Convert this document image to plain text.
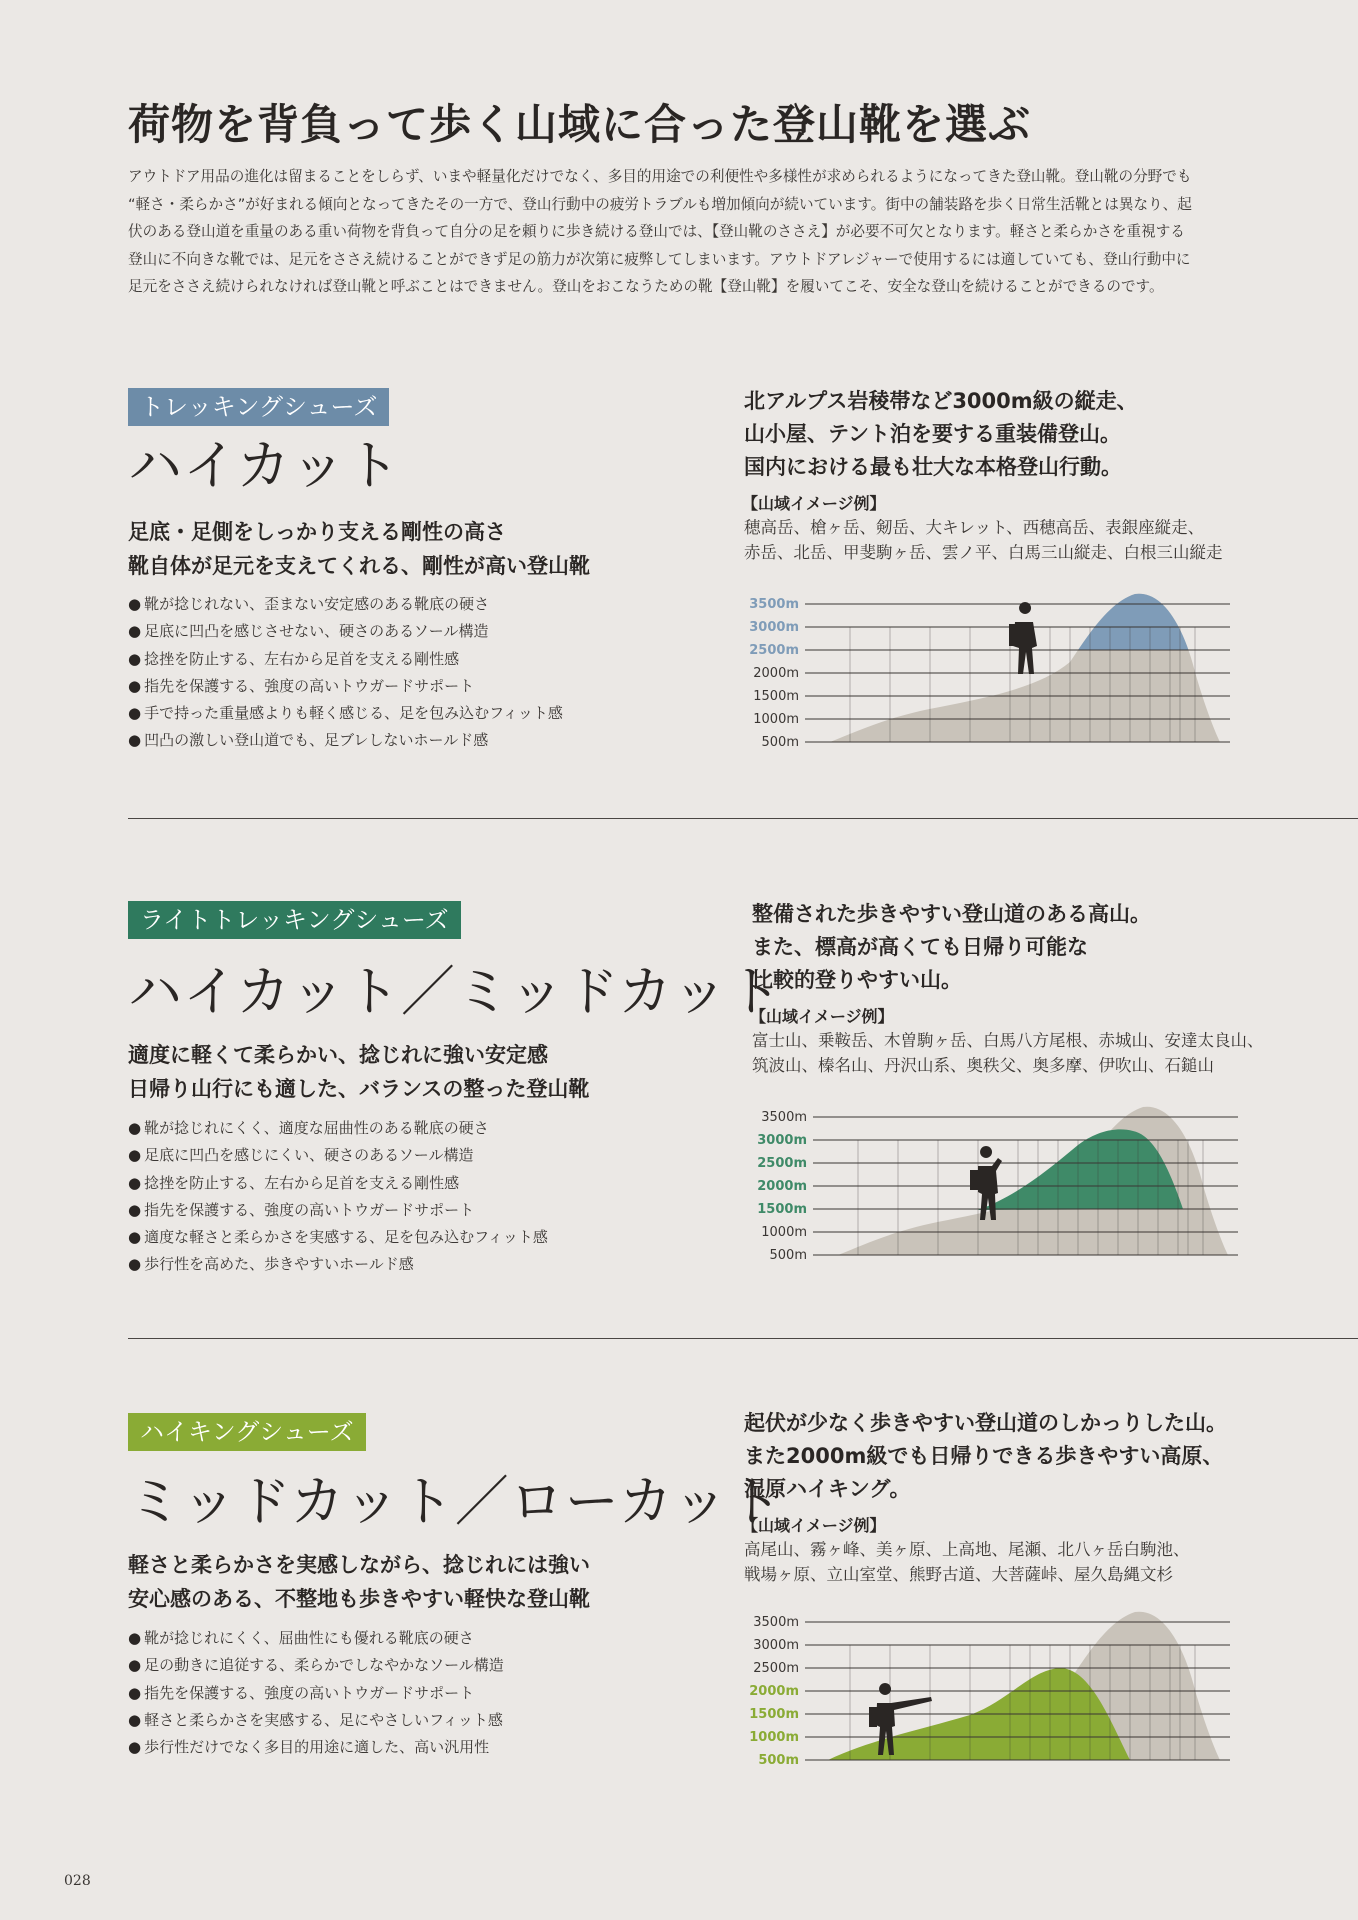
荷物を背負って歩く山域に合った登山靴を選ぶ
アウトドア用品の進化は留まることをしらず、いまや軽量化だけでなく、多目的用途での利便性や多様性が求められるようになってきた登山靴。登山靴の分野でも
“軽さ・柔らかさ”が好まれる傾向となってきたその一方で、登山行動中の疲労トラブルも増加傾向が続いています。街中の舗装路を歩く日常生活靴とは異なり、起
伏のある登山道を重量のある重い荷物を背負って自分の足を頼りに歩き続ける登山では、【登山靴のささえ】が必要不可欠となります。軽さと柔らかさを重視する
登山に不向きな靴では、足元をささえ続けることができず足の筋力が次第に疲弊してしまいます。アウトドアレジャーで使用するには適していても、登山行動中に
足元をささえ続けられなければ登山靴と呼ぶことはできません。登山をおこなうための靴【登山靴】を履いてこそ、安全な登山を続けることができるのです。
トレッキングシューズ
ハイカット
足底・足側をしっかり支える剛性の高さ
靴自体が足元を支えてくれる、剛性が高い登山靴
● 靴が捻じれない、歪まない安定感のある靴底の硬さ
● 足底に凹凸を感じさせない、硬さのあるソール構造
● 捻挫を防止する、左右から足首を支える剛性感
● 指先を保護する、強度の高いトウガードサポート
● 手で持った重量感よりも軽く感じる、足を包み込むフィット感
● 凹凸の激しい登山道でも、足ブレしないホールド感
北アルプス岩稜帯など3000m級の縦走、
山小屋、テント泊を要する重装備登山。
国内における最も壮大な本格登山行動。
【山域イメージ例】
穂高岳、槍ヶ岳、剱岳、大キレット、西穂高岳、表銀座縦走、
赤岳、北岳、甲斐駒ヶ岳、雲ノ平、白馬三山縦走、白根三山縦走
3500m
3000m
2500m
2000m
1500m
1000m
500m
ライトトレッキングシューズ
ハイカット／ミッドカット
適度に軽くて柔らかい、捻じれに強い安定感
日帰り山行にも適した、バランスの整った登山靴
● 靴が捻じれにくく、適度な屈曲性のある靴底の硬さ
● 足底に凹凸を感じにくい、硬さのあるソール構造
● 捻挫を防止する、左右から足首を支える剛性感
● 指先を保護する、強度の高いトウガードサポート
● 適度な軽さと柔らかさを実感する、足を包み込むフィット感
● 歩行性を高めた、歩きやすいホールド感
整備された歩きやすい登山道のある高山。
また、標高が高くても日帰り可能な
比較的登りやすい山。
【山域イメージ例】
富士山、乗鞍岳、木曽駒ヶ岳、白馬八方尾根、赤城山、安達太良山、
筑波山、榛名山、丹沢山系、奥秩父、奥多摩、伊吹山、石鎚山
3500m
3000m
2500m
2000m
1500m
1000m
500m
ハイキングシューズ
ミッドカット／ローカット
軽さと柔らかさを実感しながら、捻じれには強い
安心感のある、不整地も歩きやすい軽快な登山靴
● 靴が捻じれにくく、屈曲性にも優れる靴底の硬さ
● 足の動きに追従する、柔らかでしなやかなソール構造
● 指先を保護する、強度の高いトウガードサポート
● 軽さと柔らかさを実感する、足にやさしいフィット感
● 歩行性だけでなく多目的用途に適した、高い汎用性
起伏が少なく歩きやすい登山道のしかっりした山。
また2000m級でも日帰りできる歩きやすい高原、
湿原ハイキング。
【山域イメージ例】
高尾山、霧ヶ峰、美ヶ原、上高地、尾瀬、北八ヶ岳白駒池、
戦場ヶ原、立山室堂、熊野古道、大菩薩峠、屋久島縄文杉
3500m
3000m
2500m
2000m
1500m
1000m
500m
028
